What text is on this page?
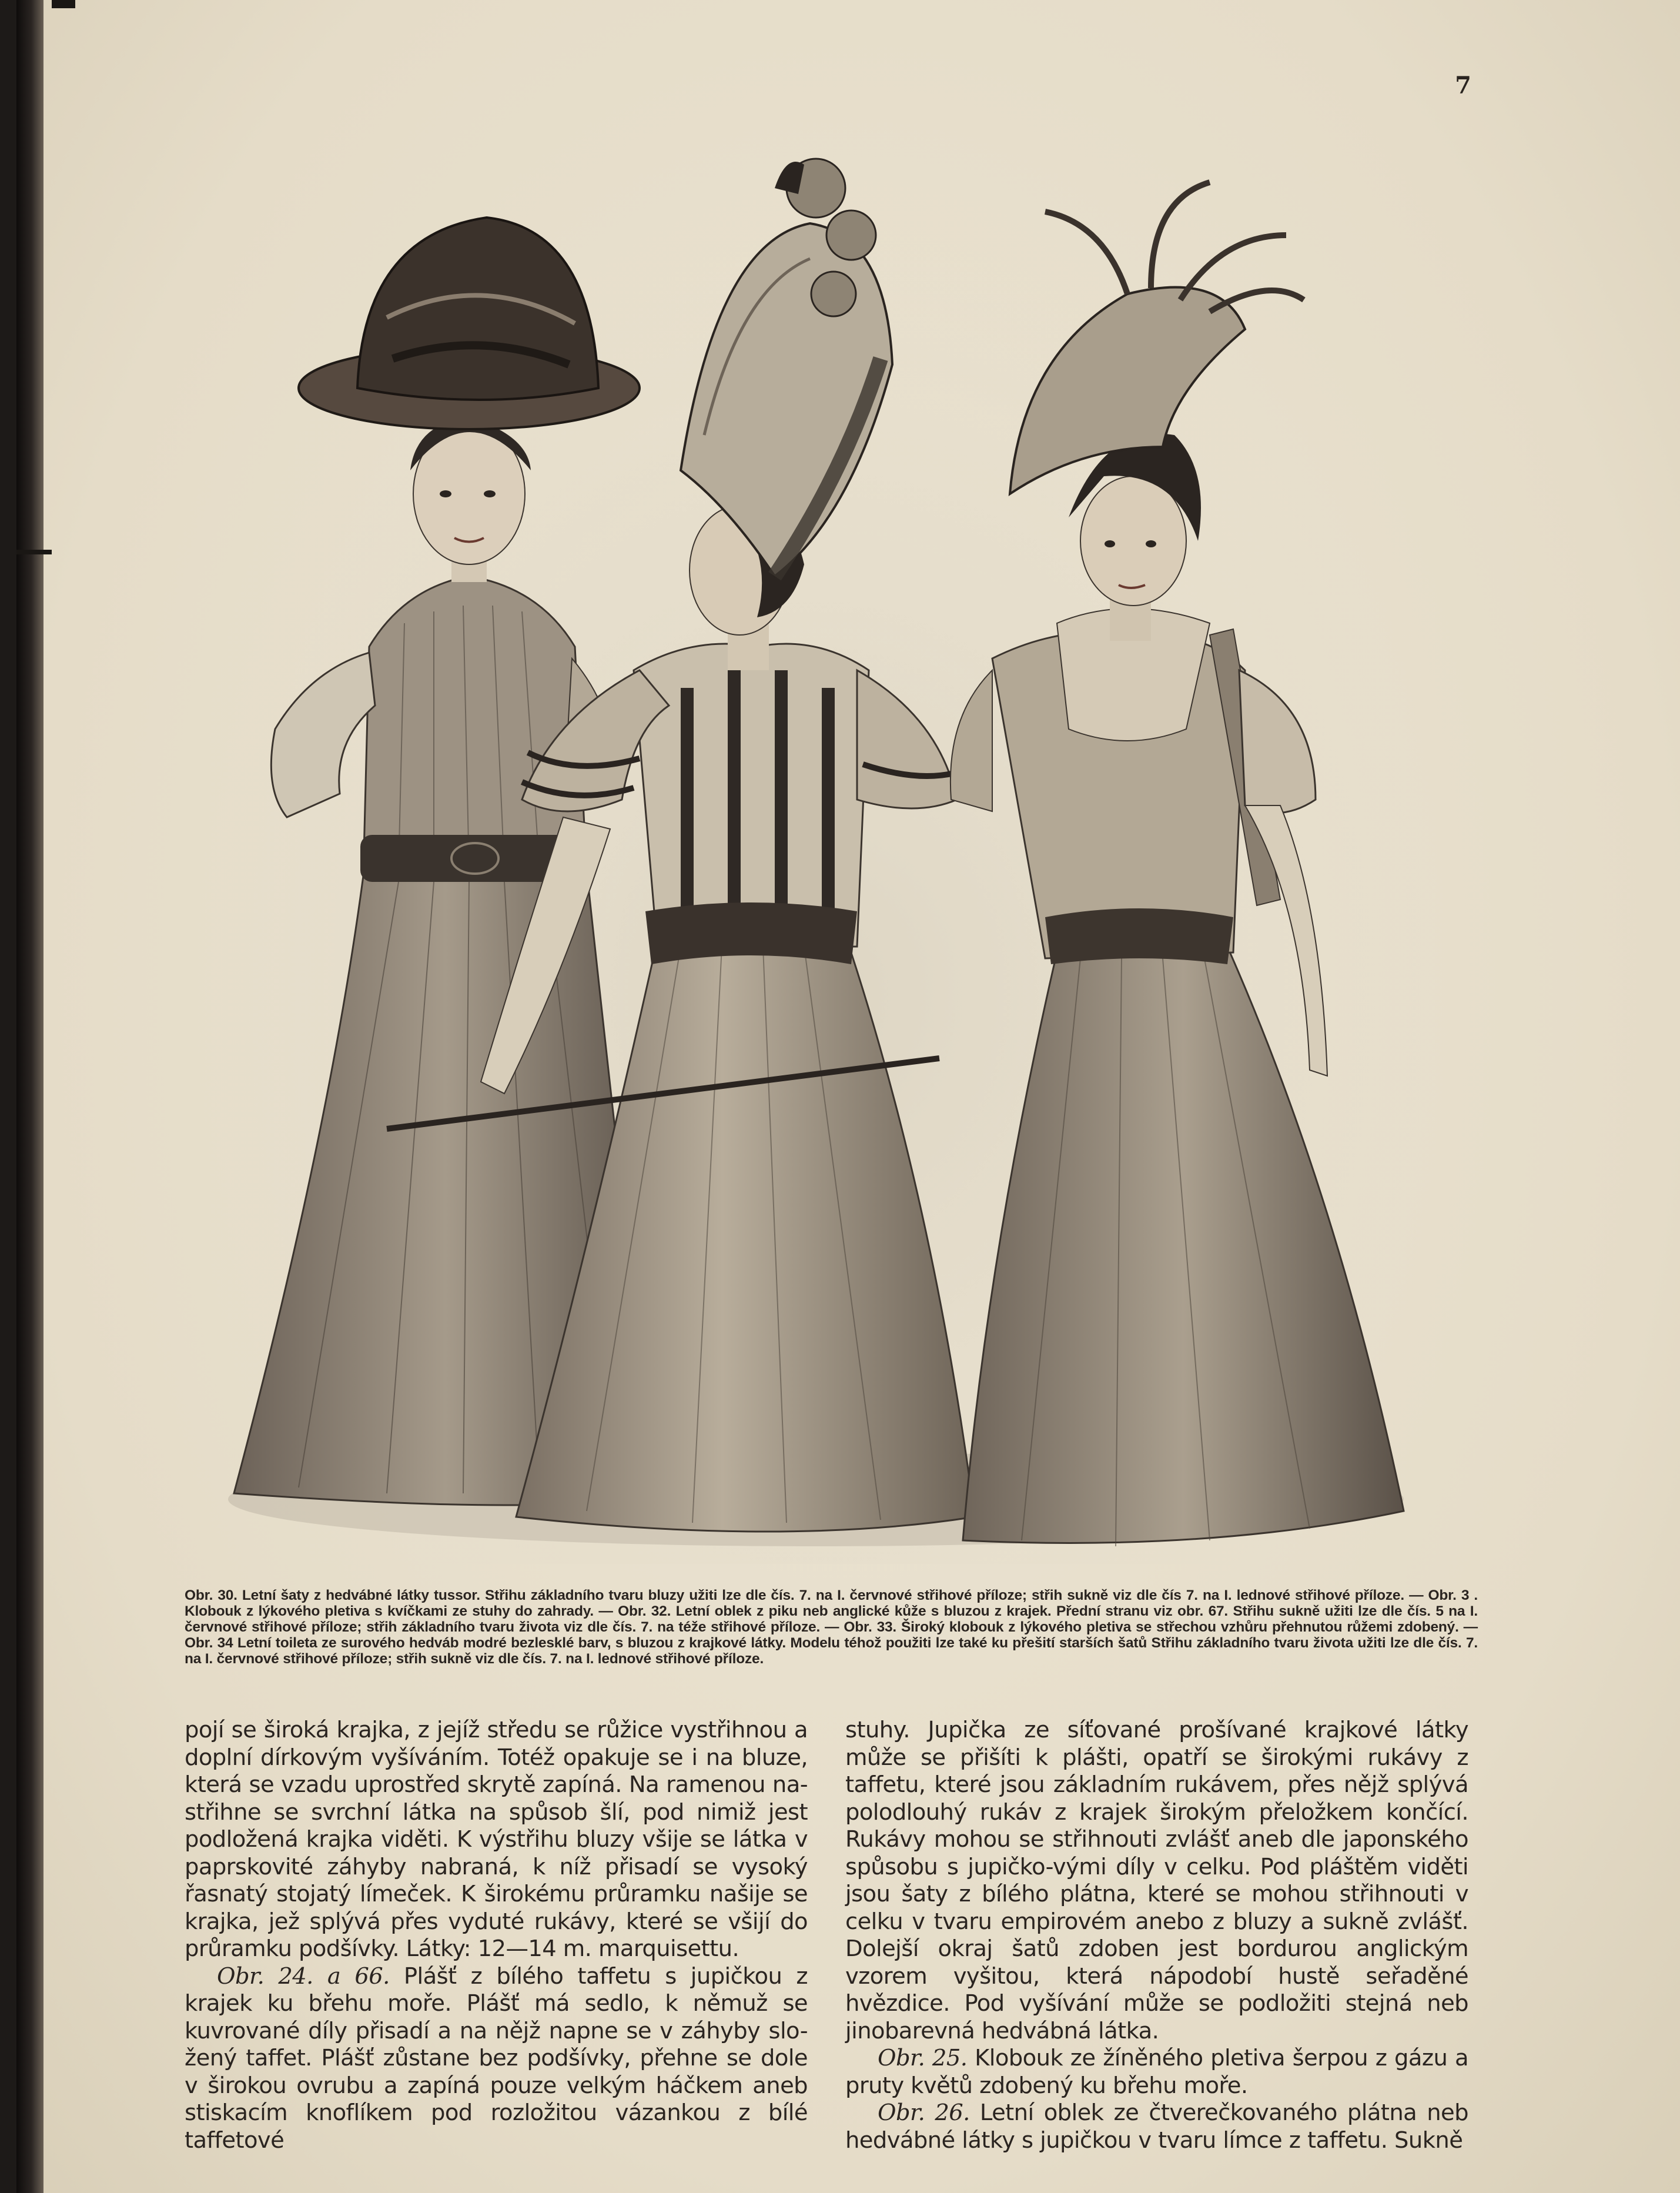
7
Obr. 30. Letní šaty z hedvábné látky tussor. Střihu základního tvaru bluzy užiti lze dle čís. 7. na I. červnové střihové příloze; střih sukně viz dle čís 7. na I. lednové střihové příloze. — Obr. 3 . Klobouk z lýkového pletiva s kvíčkami ze stuhy do zahrady. — Obr. 32. Letní oblek z piku neb anglické kůže s bluzou z krajek. Přední stranu viz obr. 67. Střihu sukně užiti lze dle čís. 5 na I. červnové střihové příloze; střih základního tvaru života viz dle čís. 7. na téže střihové příloze. — Obr. 33. Široký klobouk z lýkového pletiva se střechou vzhůru přehnutou růžemi zdobený. — Obr. 34 Letní toileta ze surového hedváb modré bezlesklé barv, s bluzou z krajkové látky. Modelu téhož použiti lze také ku přešití starších šatů Střihu základního tvaru života užiti lze dle čís. 7. na I. červnové střihové příloze; střih sukně viz dle čís. 7. na I. lednové střihové příloze.

pojí se široká krajka, z jejíž středu se růžice vystřihnou a doplní dírkovým vyšíváním. Totéž opakuje se i na bluze, která se vzadu uprostřed skrytě zapíná. Na ramenou na-střihne se svrchní látka na spůsob šlí, pod nimiž jest podložená krajka viděti. K výstřihu bluzy všije se látka v paprskovité záhyby nabraná, k níž přisadí se vysoký řasnatý stojatý límeček. K širokému průramku našije se krajka, jež splývá přes vyduté rukávy, které se všijí do průramku podšívky. Látky: 12—14 m. marquisettu.

Obr. 24. a 66. Plášť z bílého taffetu s jupičkou z krajek ku břehu moře. Plášť má sedlo, k němuž se kuvrované díly přisadí a na nějž napne se v záhyby slo-žený taffet. Plášť zůstane bez podšívky, přehne se dole v širokou ovrubu a zapíná pouze velkým háčkem aneb stiskacím knoflíkem pod rozložitou vázankou z bílé taffetové

stuhy. Jupička ze síťované prošívané krajkové látky může se přišíti k plášti, opatří se širokými rukávy z taffetu, které jsou základním rukávem, přes nějž splývá polodlouhý rukáv z krajek širokým přeložkem končící. Rukávy mohou se střihnouti zvlášť aneb dle japonského spůsobu s jupičko-vými díly v celku. Pod pláštěm viděti jsou šaty z bílého plátna, které se mohou střihnouti v celku v tvaru empirovém anebo z bluzy a sukně zvlášť. Dolejší okraj šatů zdoben jest bordurou anglickým vzorem vyšitou, která nápodobí hustě seřaděné hvězdice. Pod vyšívání může se podložiti stejná neb jinobarevná hedvábná látka.

Obr. 25. Klobouk ze žíněného pletiva šerpou z gázu a pruty květů zdobený ku břehu moře.

Obr. 26. Letní oblek ze čtverečkovaného plátna neb hedvábné látky s jupičkou v tvaru límce z taffetu. Sukně
